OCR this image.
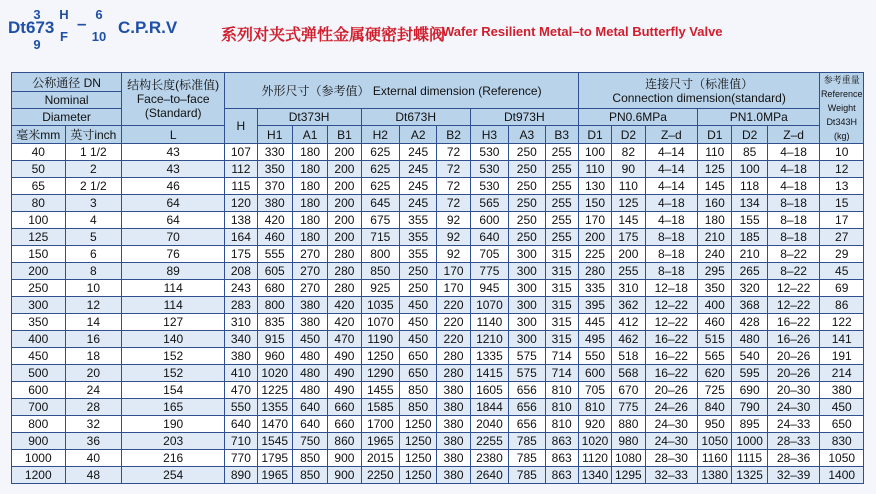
Dt
3
673
9
H
F
– 6
10 C.P.R.V	系列对夹式弹性金属硬密封蝶阀
Wafer Resilient Metal–to Metal Butterfly Valve
公称通径 DN		结构长度(标准值)
Face–to–face
(Standard)	外形尺寸（参考值） External dimension (Reference)										连接尺寸（标准值）
Connection dimension(standard)						参考重量
Reference
Weight
Dt343H (kg)
Nominal																			
Diameter			H	Dt373H			Dt673H			Dt973H			PN0.6MPa			PN1.0MPa			
毫米mm	英寸inch	L		H1	A1	B1	H2	A2	B2	H3	A3	B3	D1	D2	Z–d	D1	D2	Z–d	
40	1 1/2	43	107	330	180	200	625	245	72	530	250	255	100	82	4–14	110	85	4–18	10
50	2	43	112	350	180	200	625	245	72	530	250	255	110	90	4–14	125	100	4–18	12
65	2 1/2	46	115	370	180	200	625	245	72	530	250	255	130	110	4–14	145	118	4–18	13
80	3	64	120	380	180	200	645	245	72	565	250	255	150	125	4–18	160	134	8–18	15
100	4	64	138	420	180	200	675	355	92	600	250	255	170	145	4–18	180	155	8–18	17
125	5	70	164	460	180	200	715	355	92	640	250	255	200	175	8–18	210	185	8–18	27
150	6	76	175	555	270	280	800	355	92	705	300	315	225	200	8–18	240	210	8–22	29
200	8	89	208	605	270	280	850	250	170	775	300	315	280	255	8–18	295	265	8–22	45
250	10	114	243	680	270	280	925	250	170	945	300	315	335	310	12–18	350	320	12–22	69
300	12	114	283	800	380	420	1035	450	220	1070	300	315	395	362	12–22	400	368	12–22	86
350	14	127	310	835	380	420	1070	450	220	1140	300	315	445	412	12–22	460	428	16–22	122
400	16	140	340	915	450	470	1190	450	220	1210	300	315	495	462	16–22	515	480	16–26	141
450	18	152	380	960	480	490	1250	650	280	1335	575	714	550	518	16–22	565	540	20–26	191
500	20	152	410	1020	480	490	1290	650	280	1415	575	714	600	568	16–22	620	595	20–26	214
600	24	154	470	1225	480	490	1455	850	380	1605	656	810	705	670	20–26	725	690	20–30	380
700	28	165	550	1355	640	660	1585	850	380	1844	656	810	810	775	24–26	840	790	24–30	450
800	32	190	640	1470	640	660	1700	1250	380	2040	656	810	920	880	24–30	950	895	24–33	650
900	36	203	710	1545	750	860	1965	1250	380	2255	785	863	1020	980	24–30	1050	1000	28–33	830
1000	40	216	770	1795	850	900	2015	1250	380	2380	785	863	1120	1080	28–30	1160	1115	28–36	1050
1200	48	254	890	1965	850	900	2250	1250	380	2640	785	863	1340	1295	32–33	1380	1325	32–39	1400
